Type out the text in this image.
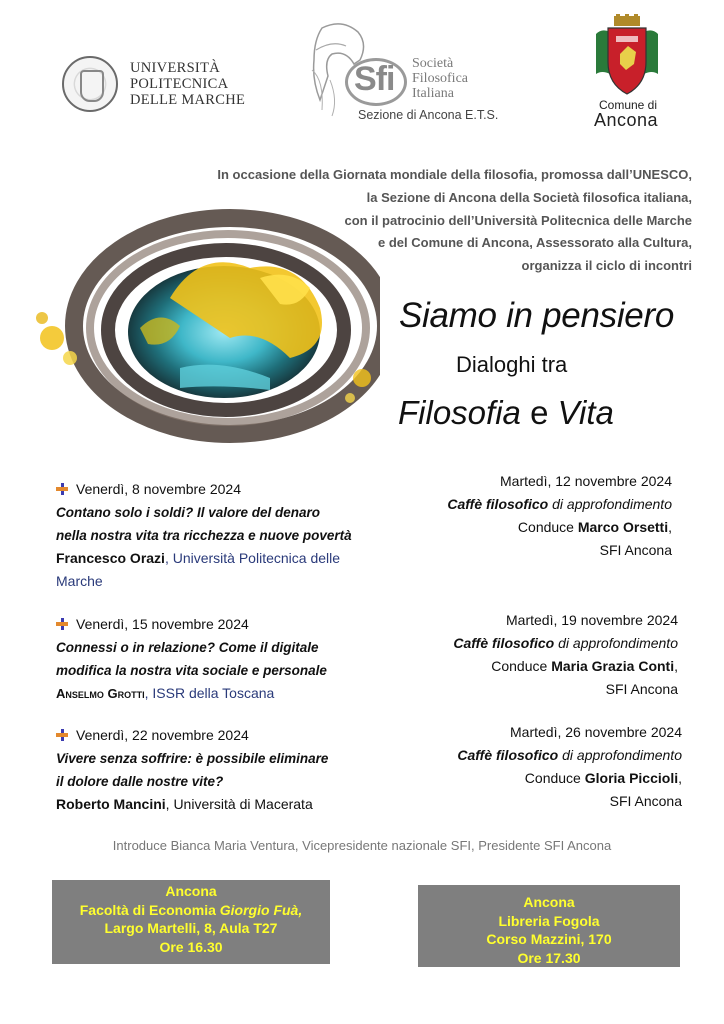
UNIVERSITÀ
POLITECNICA
DELLE MARCHE
Sfi Società
Filosofica
Italiana
Sezione di Ancona E.T.S.
Comune di
Ancona
In occasione della Giornata mondiale della filosofia, promossa dall’UNESCO,
la Sezione di Ancona della Società filosofica italiana,
con il patrocinio dell’Università Politecnica delle Marche
e del Comune di Ancona, Assessorato alla Cultura,
organizza il ciclo di incontri
Siamo in pensiero
Dialoghi tra
Filosofia e Vita
Venerdì, 8 novembre 2024
Contano solo i soldi? Il valore del denaro
nella nostra vita tra ricchezza e nuove povertà
Francesco Orazi, Università Politecnica delle
Marche
Venerdì, 15 novembre 2024
Connessi o in relazione? Come il digitale
modifica la nostra vita sociale e personale
Anselmo Grotti, ISSR della Toscana
Venerdì, 22 novembre 2024
Vivere senza soffrire: è possibile eliminare
il dolore dalle nostre vite?
Roberto Mancini, Università di Macerata
Martedì, 12 novembre 2024
Caffè filosofico di approfondimento
Conduce Marco Orsetti,
SFI Ancona
Martedì, 19 novembre 2024
Caffè filosofico di approfondimento
Conduce Maria Grazia Conti,
SFI Ancona
Martedì, 26 novembre 2024
Caffè filosofico di approfondimento
Conduce Gloria Piccioli,
SFI Ancona
Introduce Bianca Maria Ventura, Vicepresidente nazionale SFI, Presidente SFI Ancona
Ancona
Facoltà di Economia Giorgio Fuà,
Largo Martelli, 8, Aula T27
Ore 16.30
Ancona
Libreria Fogola
Corso Mazzini, 170
Ore 17.30
